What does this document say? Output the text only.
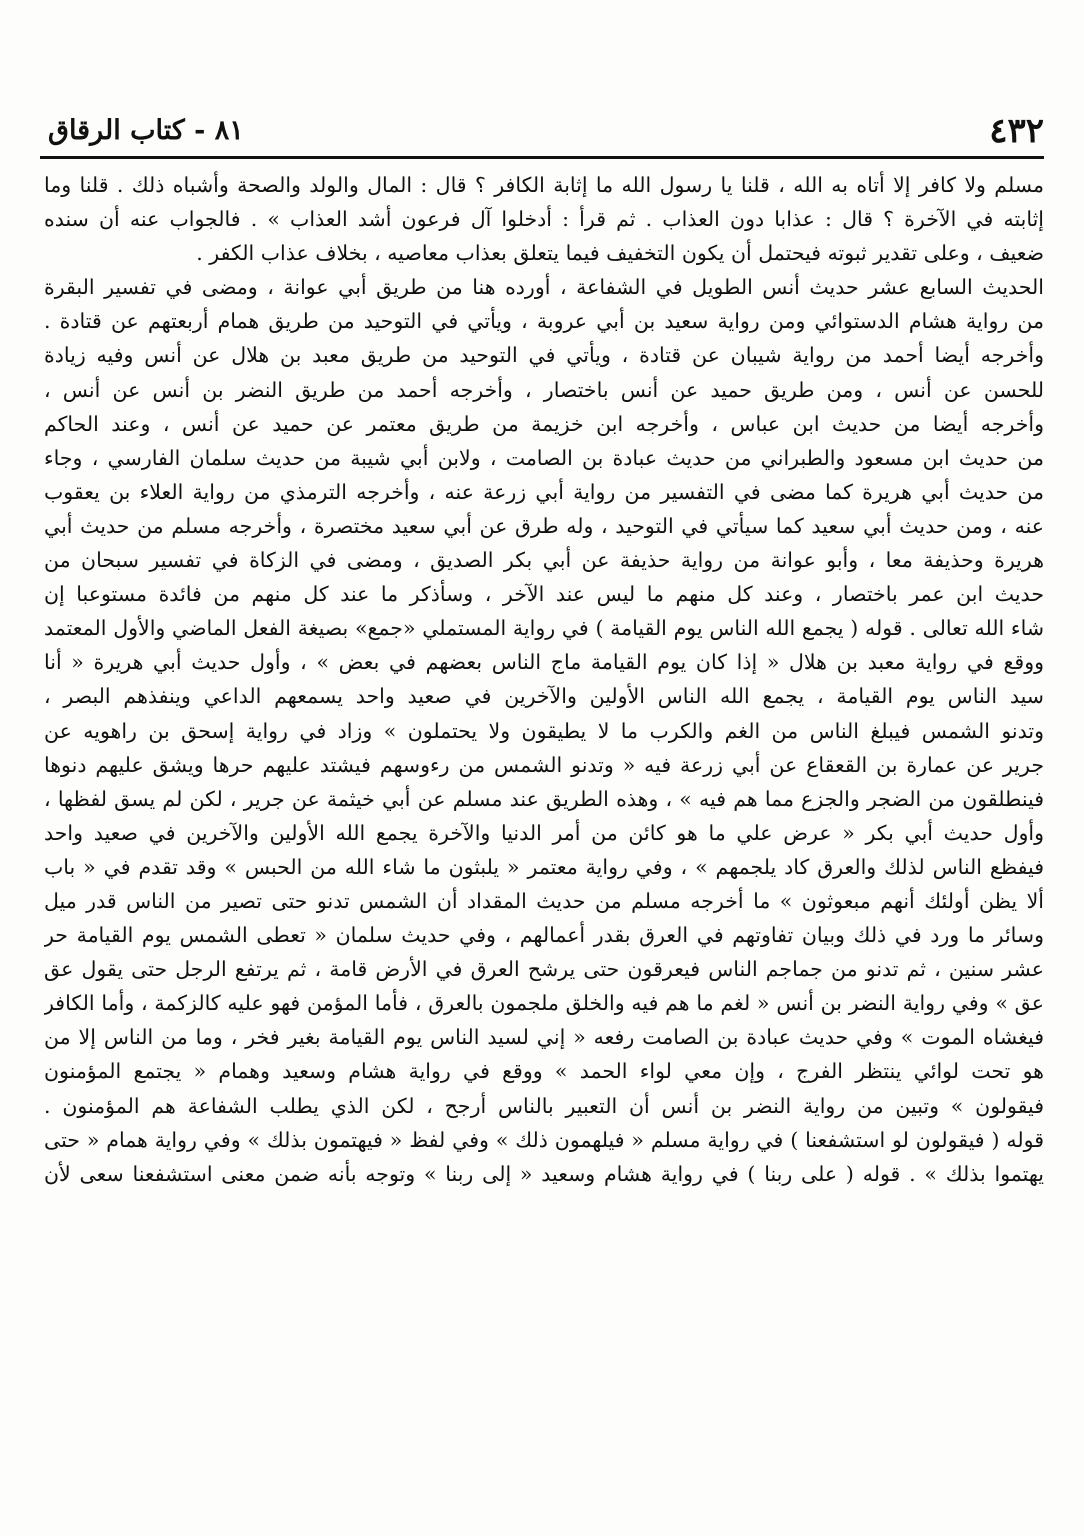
٤٣٢
٨١ - كتاب الرقاق
مسلم ولا كافر إلا أتاه به الله ، قلنا يا رسول الله ما إثابة الكافر ؟ قال : المال والولد والصحة وأشباه ذلك . قلنا وما
إثابته في الآخرة ؟ قال : عذابا دون العذاب . ثم قرأ : أدخلوا آل فرعون أشد العذاب » . فالجواب عنه أن سنده
ضعيف ، وعلى تقدير ثبوته فيحتمل أن يكون التخفيف فيما يتعلق بعذاب معاصيه ، بخلاف عذاب الكفر .
الحديث السابع عشر حديث أنس الطويل في الشفاعة ، أورده هنا من طريق أبي عوانة ، ومضى في تفسير البقرة
من رواية هشام الدستوائي ومن رواية سعيد بن أبي عروبة ، ويأتي في التوحيد من طريق همام أربعتهم عن قتادة .
وأخرجه أيضا أحمد من رواية شيبان عن قتادة ، ويأتي في التوحيد من طريق معبد بن هلال عن أنس وفيه زيادة
للحسن عن أنس ، ومن طريق حميد عن أنس باختصار ، وأخرجه أحمد من طريق النضر بن أنس عن أنس ،
وأخرجه أيضا من حديث ابن عباس ، وأخرجه ابن خزيمة من طريق معتمر عن حميد عن أنس ، وعند الحاكم
من حديث ابن مسعود والطبراني من حديث عبادة بن الصامت ، ولابن أبي شيبة من حديث سلمان الفارسي ، وجاء
من حديث أبي هريرة كما مضى في التفسير من رواية أبي زرعة عنه ، وأخرجه الترمذي من رواية العلاء بن يعقوب
عنه ، ومن حديث أبي سعيد كما سيأتي في التوحيد ، وله طرق عن أبي سعيد مختصرة ، وأخرجه مسلم من حديث أبي
هريرة وحذيفة معا ، وأبو عوانة من رواية حذيفة عن أبي بكر الصديق ، ومضى في الزكاة في تفسير سبحان من
حديث ابن عمر باختصار ، وعند كل منهم ما ليس عند الآخر ، وسأذكر ما عند كل منهم من فائدة مستوعبا إن
شاء الله تعالى . قوله ( يجمع الله الناس يوم القيامة ) في رواية المستملي «جمع» بصيغة الفعل الماضي والأول المعتمد
ووقع في رواية معبد بن هلال « إذا كان يوم القيامة ماج الناس بعضهم في بعض » ، وأول حديث أبي هريرة « أنا
سيد الناس يوم القيامة ، يجمع الله الناس الأولين والآخرين في صعيد واحد يسمعهم الداعي وينفذهم البصر ،
وتدنو الشمس فيبلغ الناس من الغم والكرب ما لا يطيقون ولا يحتملون » وزاد في رواية إسحق بن راهويه عن
جرير عن عمارة بن القعقاع عن أبي زرعة فيه « وتدنو الشمس من رءوسهم فيشتد عليهم حرها ويشق عليهم دنوها
فينطلقون من الضجر والجزع مما هم فيه » ، وهذه الطريق عند مسلم عن أبي خيثمة عن جرير ، لكن لم يسق لفظها ،
وأول حديث أبي بكر « عرض علي ما هو كائن من أمر الدنيا والآخرة يجمع الله الأولين والآخرين في صعيد واحد
فيفظع الناس لذلك والعرق كاد يلجمهم » ، وفي رواية معتمر « يلبثون ما شاء الله من الحبس » وقد تقدم في « باب
ألا يظن أولئك أنهم مبعوثون » ما أخرجه مسلم من حديث المقداد أن الشمس تدنو حتى تصير من الناس قدر ميل
وسائر ما ورد في ذلك وبيان تفاوتهم في العرق بقدر أعمالهم ، وفي حديث سلمان « تعطى الشمس يوم القيامة حر
عشر سنين ، ثم تدنو من جماجم الناس فيعرقون حتى يرشح العرق في الأرض قامة ، ثم يرتفع الرجل حتى يقول عق
عق » وفي رواية النضر بن أنس « لغم ما هم فيه والخلق ملجمون بالعرق ، فأما المؤمن فهو عليه كالزكمة ، وأما الكافر
فيغشاه الموت » وفي حديث عبادة بن الصامت رفعه « إني لسيد الناس يوم القيامة بغير فخر ، وما من الناس إلا من
هو تحت لوائي ينتظر الفرج ، وإن معي لواء الحمد » ووقع في رواية هشام وسعيد وهمام « يجتمع المؤمنون
فيقولون » وتبين من رواية النضر بن أنس أن التعبير بالناس أرجح ، لكن الذي يطلب الشفاعة هم المؤمنون .
قوله ( فيقولون لو استشفعنا ) في رواية مسلم « فيلهمون ذلك » وفي لفظ « فيهتمون بذلك » وفي رواية همام « حتى
يهتموا بذلك » . قوله ( على ربنا ) في رواية هشام وسعيد « إلى ربنا » وتوجه بأنه ضمن معنى استشفعنا سعى لأن
